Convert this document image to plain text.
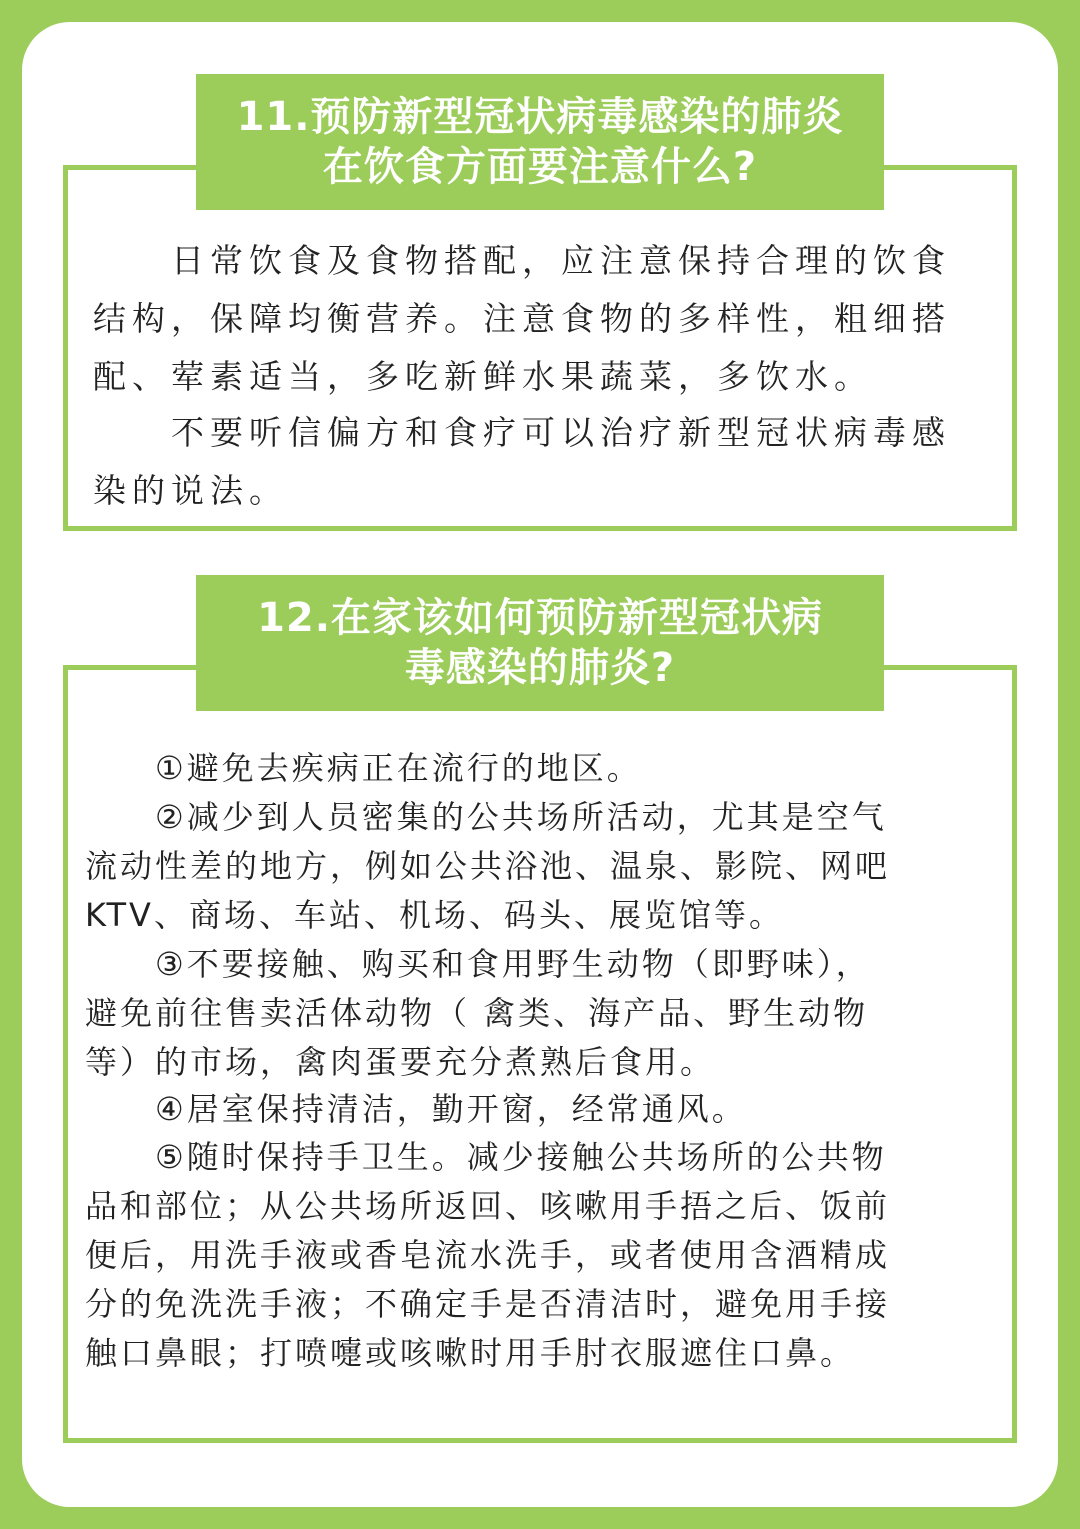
11.预防新型冠状病毒感染的肺炎
在饮食方面要注意什么?

　　日常饮食及食物搭配，应注意保持合理的饮食
结构，保障均衡营养。注意食物的多样性，粗细搭
配、荤素适当，多吃新鲜水果蔬菜，多饮水。

　　不要听信偏方和食疗可以治疗新型冠状病毒感
染的说法。

12.在家该如何预防新型冠状病
毒感染的肺炎?

　　①避免去疾病正在流行的地区。

　　②减少到人员密集的公共场所活动，尤其是空气
流动性差的地方，例如公共浴池、温泉、影院、网吧
KTV、商场、车站、机场、码头、展览馆等。

　　③不要接触、购买和食用野生动物（即野味），
避免前往售卖活体动物（ 禽类、海产品、野生动物
等）的市场，禽肉蛋要充分煮熟后食用。

　　④居室保持清洁，勤开窗，经常通风。

　　⑤随时保持手卫生。减少接触公共场所的公共物
品和部位；从公共场所返回、咳嗽用手捂之后、饭前
便后，用洗手液或香皂流水洗手，或者使用含酒精成
分的免洗洗手液；不确定手是否清洁时，避免用手接
触口鼻眼；打喷嚏或咳嗽时用手肘衣服遮住口鼻。
